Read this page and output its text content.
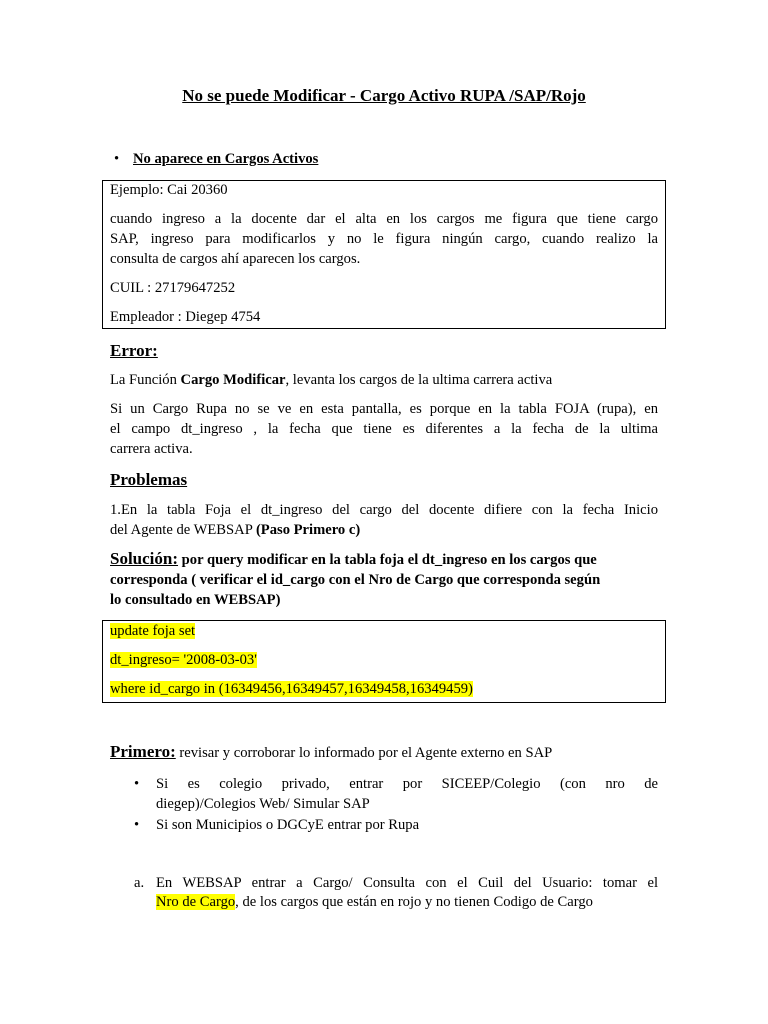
No se puede Modificar - Cargo Activo RUPA /SAP/Rojo
• No aparece en Cargos Activos
Ejemplo: Cai 20360
cuando ingreso a la docente dar el alta en los cargos me figura que tiene cargo
SAP, ingreso para modificarlos y no le figura ningún cargo, cuando realizo la
consulta de cargos ahí aparecen los cargos.
CUIL : 27179647252
Empleador : Diegep 4754
Error:
La Función Cargo Modificar, levanta los cargos de la ultima carrera activa
Si un Cargo Rupa no se ve en esta pantalla, es porque en la tabla FOJA (rupa), en
el campo dt_ingreso , la fecha que tiene es diferentes a la fecha de la ultima
carrera activa.
Problemas
1.En la tabla Foja el dt_ingreso del cargo del docente difiere con la fecha Inicio
del Agente de WEBSAP (Paso Primero c)
Solución: por query modificar en la tabla foja el dt_ingreso en los cargos que
corresponda ( verificar el id_cargo con el Nro de Cargo que corresponda según
lo consultado en WEBSAP)
update foja set
dt_ingreso= '2008-03-03'
where id_cargo in (16349456,16349457,16349458,16349459)
Primero: revisar y corroborar lo informado por el Agente externo en SAP
• Si es colegio privado, entrar por SICEEP/Colegio (con nro de
diegep)/Colegios Web/ Simular SAP
• Si son Municipios o DGCyE entrar por Rupa
a. En WEBSAP entrar a Cargo/ Consulta con el Cuil del Usuario: tomar el
Nro de Cargo, de los cargos que están en rojo y no tienen Codigo de Cargo
